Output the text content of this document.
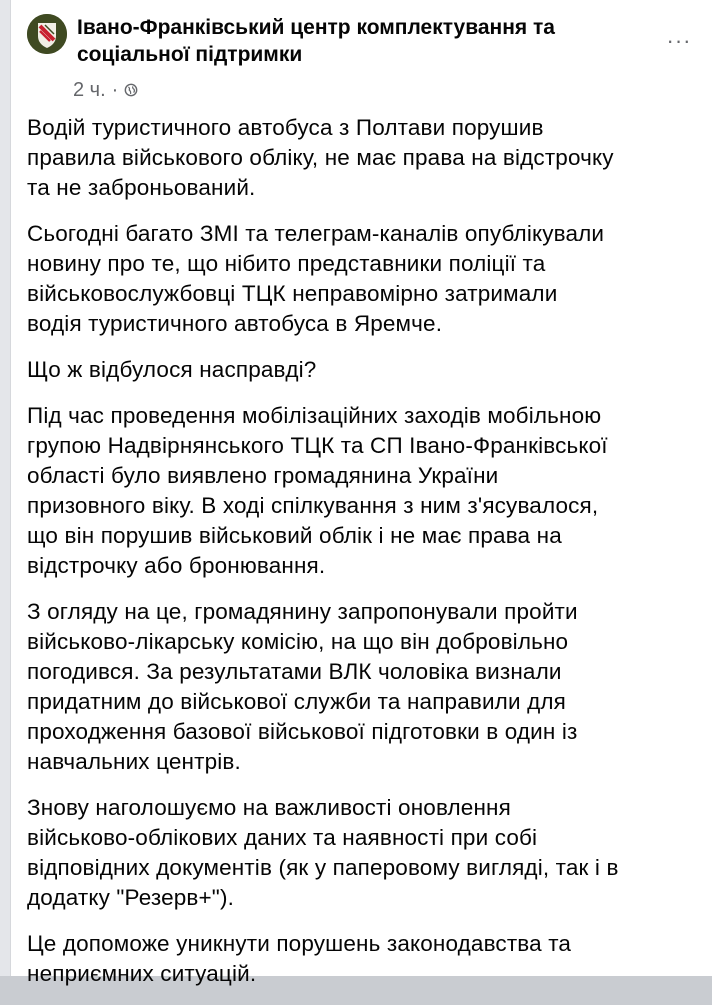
Івано-Франківський центр комплектування та соціальної підтримки
2 ч. ·
···

Водій туристичного автобуса з Полтави порушив
правила військового обліку, не має права на відстрочку
та не заброньований.

Сьогодні багато ЗМІ та телеграм-каналів опублікували
новину про те, що нібито представники поліції та
військовослужбовці ТЦК неправомірно затримали
водія туристичного автобуса в Яремче.

Що ж відбулося насправді?

Під час проведення мобілізаційних заходів мобільною
групою Надвірнянського ТЦК та СП Івано-Франківської
області було виявлено громадянина України
призовного віку. В ході спілкування з ним з'ясувалося,
що він порушив військовий облік і не має права на
відстрочку або бронювання.

З огляду на це, громадянину запропонували пройти
військово-лікарську комісію, на що він добровільно
погодився. За результатами ВЛК чоловіка визнали
придатним до військової служби та направили для
проходження базової військової підготовки в один із
навчальних центрів.

Знову наголошуємо на важливості оновлення
військово-облікових даних та наявності при собі
відповідних документів (як у паперовому вигляді, так і в
додатку "Резерв+").

Це допоможе уникнути порушень законодавства та
неприємних ситуацій.
